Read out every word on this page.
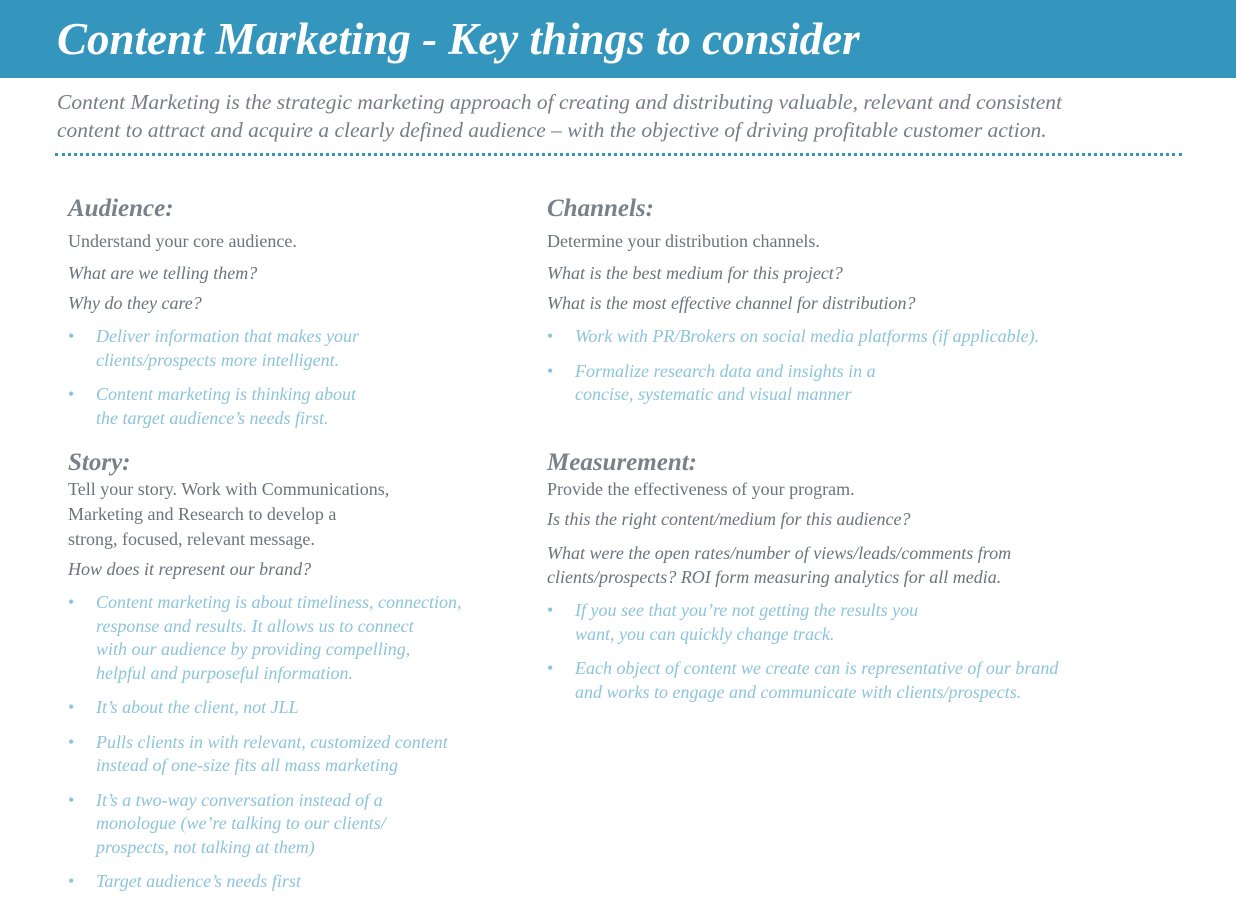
Content Marketing - Key things to consider

Content Marketing is the strategic marketing approach of creating and distributing valuable, relevant and consistent
content to attract and acquire a clearly defined audience – with the objective of driving profitable customer action.

Audience:

Understand your core audience.

What are we telling them?

Why do they care?

• Deliver information that makes your
clients/prospects more intelligent.
• Content marketing is thinking about
the target audience’s needs first.
Story:

Tell your story. Work with Communications,
Marketing and Research to develop a
strong, focused, relevant message.

How does it represent our brand?

• Content marketing is about timeliness, connection,
response and results. It allows us to connect
with our audience by providing compelling,
helpful and purposeful information.
• It’s about the client, not JLL
• Pulls clients in with relevant, customized content
instead of one-size fits all mass marketing
• It’s a two-way conversation instead of a
monologue (we’re talking to our clients/
prospects, not talking at them)
• Target audience’s needs first
Channels:

Determine your distribution channels.

What is the best medium for this project?

What is the most effective channel for distribution?

• Work with PR/Brokers on social media platforms (if applicable).
• Formalize research data and insights in a
concise, systematic and visual manner
Measurement:

Provide the effectiveness of your program.

Is this the right content/medium for this audience?

What were the open rates/number of views/leads/comments from
clients/prospects? ROI form measuring analytics for all media.

• If you see that you’re not getting the results you
want, you can quickly change track.
• Each object of content we create can is representative of our brand
and works to engage and communicate with clients/prospects.
